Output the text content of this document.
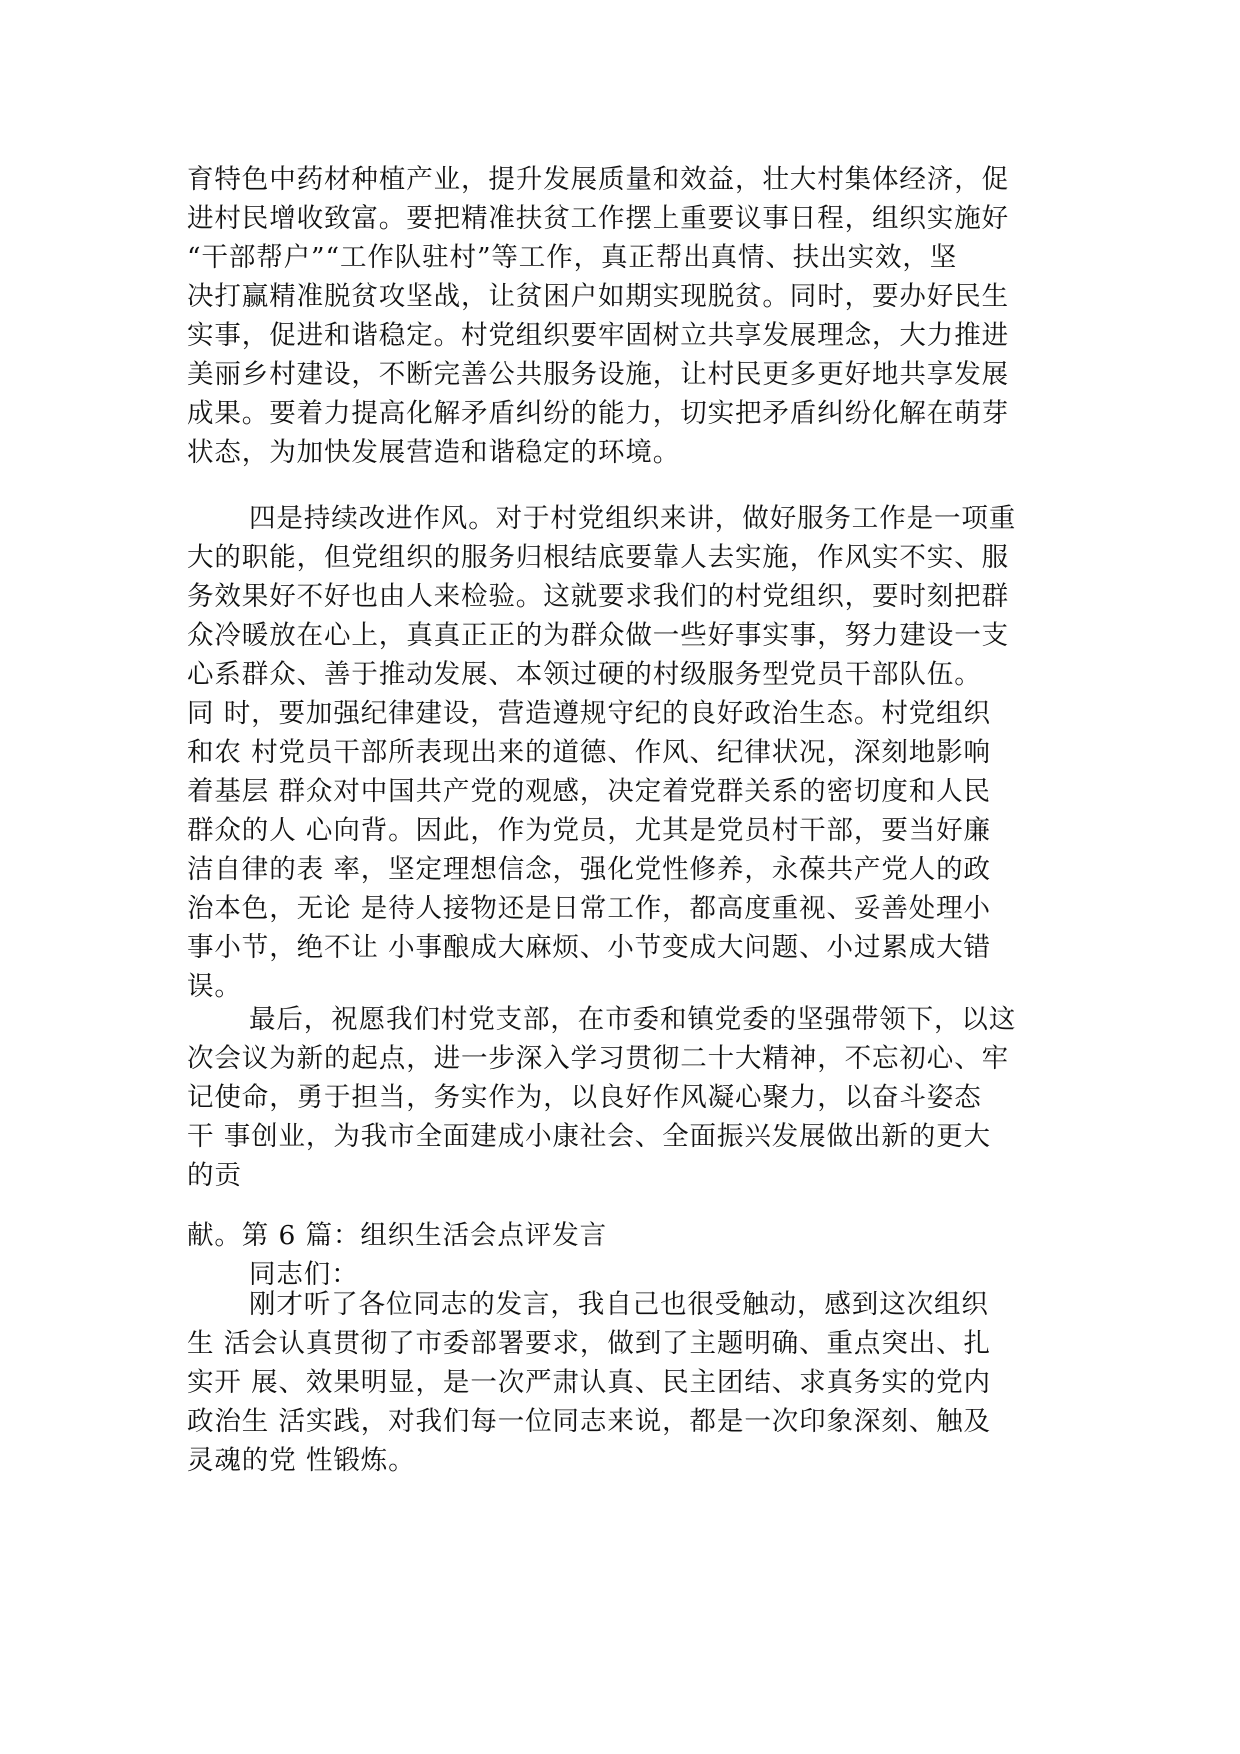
育特色中药材种植产业，提升发展质量和效益，壮大村集体经济，促
进村民增收致富。要把精准扶贫工作摆上重要议事日程，组织实施好
“干部帮户”“工作队驻村”等工作，真正帮出真情、扶出实效，坚
决打赢精准脱贫攻坚战，让贫困户如期实现脱贫。同时，要办好民生
实事，促进和谐稳定。村党组织要牢固树立共享发展理念，大力推进
美丽乡村建设，不断完善公共服务设施，让村民更多更好地共享发展
成果。要着力提高化解矛盾纠纷的能力，切实把矛盾纠纷化解在萌芽
状态，为加快发展营造和谐稳定的环境。
四是持续改进作风。对于村党组织来讲，做好服务工作是一项重
大的职能，但党组织的服务归根结底要靠人去实施，作风实不实、服
务效果好不好也由人来检验。这就要求我们的村党组织，要时刻把群
众冷暖放在心上，真真正正的为群众做一些好事实事，努力建设一支
心系群众、善于推动发展、本领过硬的村级服务型党员干部队伍。
同 时，要加强纪律建设，营造遵规守纪的良好政治生态。村党组织
和农 村党员干部所表现出来的道德、作风、纪律状况，深刻地影响
着基层 群众对中国共产党的观感，决定着党群关系的密切度和人民
群众的人 心向背。因此，作为党员，尤其是党员村干部，要当好廉
洁自律的表 率，坚定理想信念，强化党性修养，永葆共产党人的政
治本色，无论 是待人接物还是日常工作，都高度重视、妥善处理小
事小节，绝不让 小事酿成大麻烦、小节变成大问题、小过累成大错
误。
最后，祝愿我们村党支部，在市委和镇党委的坚强带领下，以这
次会议为新的起点，进一步深入学习贯彻二十大精神，不忘初心、牢
记使命，勇于担当，务实作为，以良好作风凝心聚力，以奋斗姿态
干 事创业，为我市全面建成小康社会、全面振兴发展做出新的更大
的贡
献。第 6 篇：组织生活会点评发言
同志们：
刚才听了各位同志的发言，我自己也很受触动，感到这次组织
生 活会认真贯彻了市委部署要求，做到了主题明确、重点突出、扎
实开 展、效果明显，是一次严肃认真、民主团结、求真务实的党内
政治生 活实践，对我们每一位同志来说，都是一次印象深刻、触及
灵魂的党 性锻炼。
